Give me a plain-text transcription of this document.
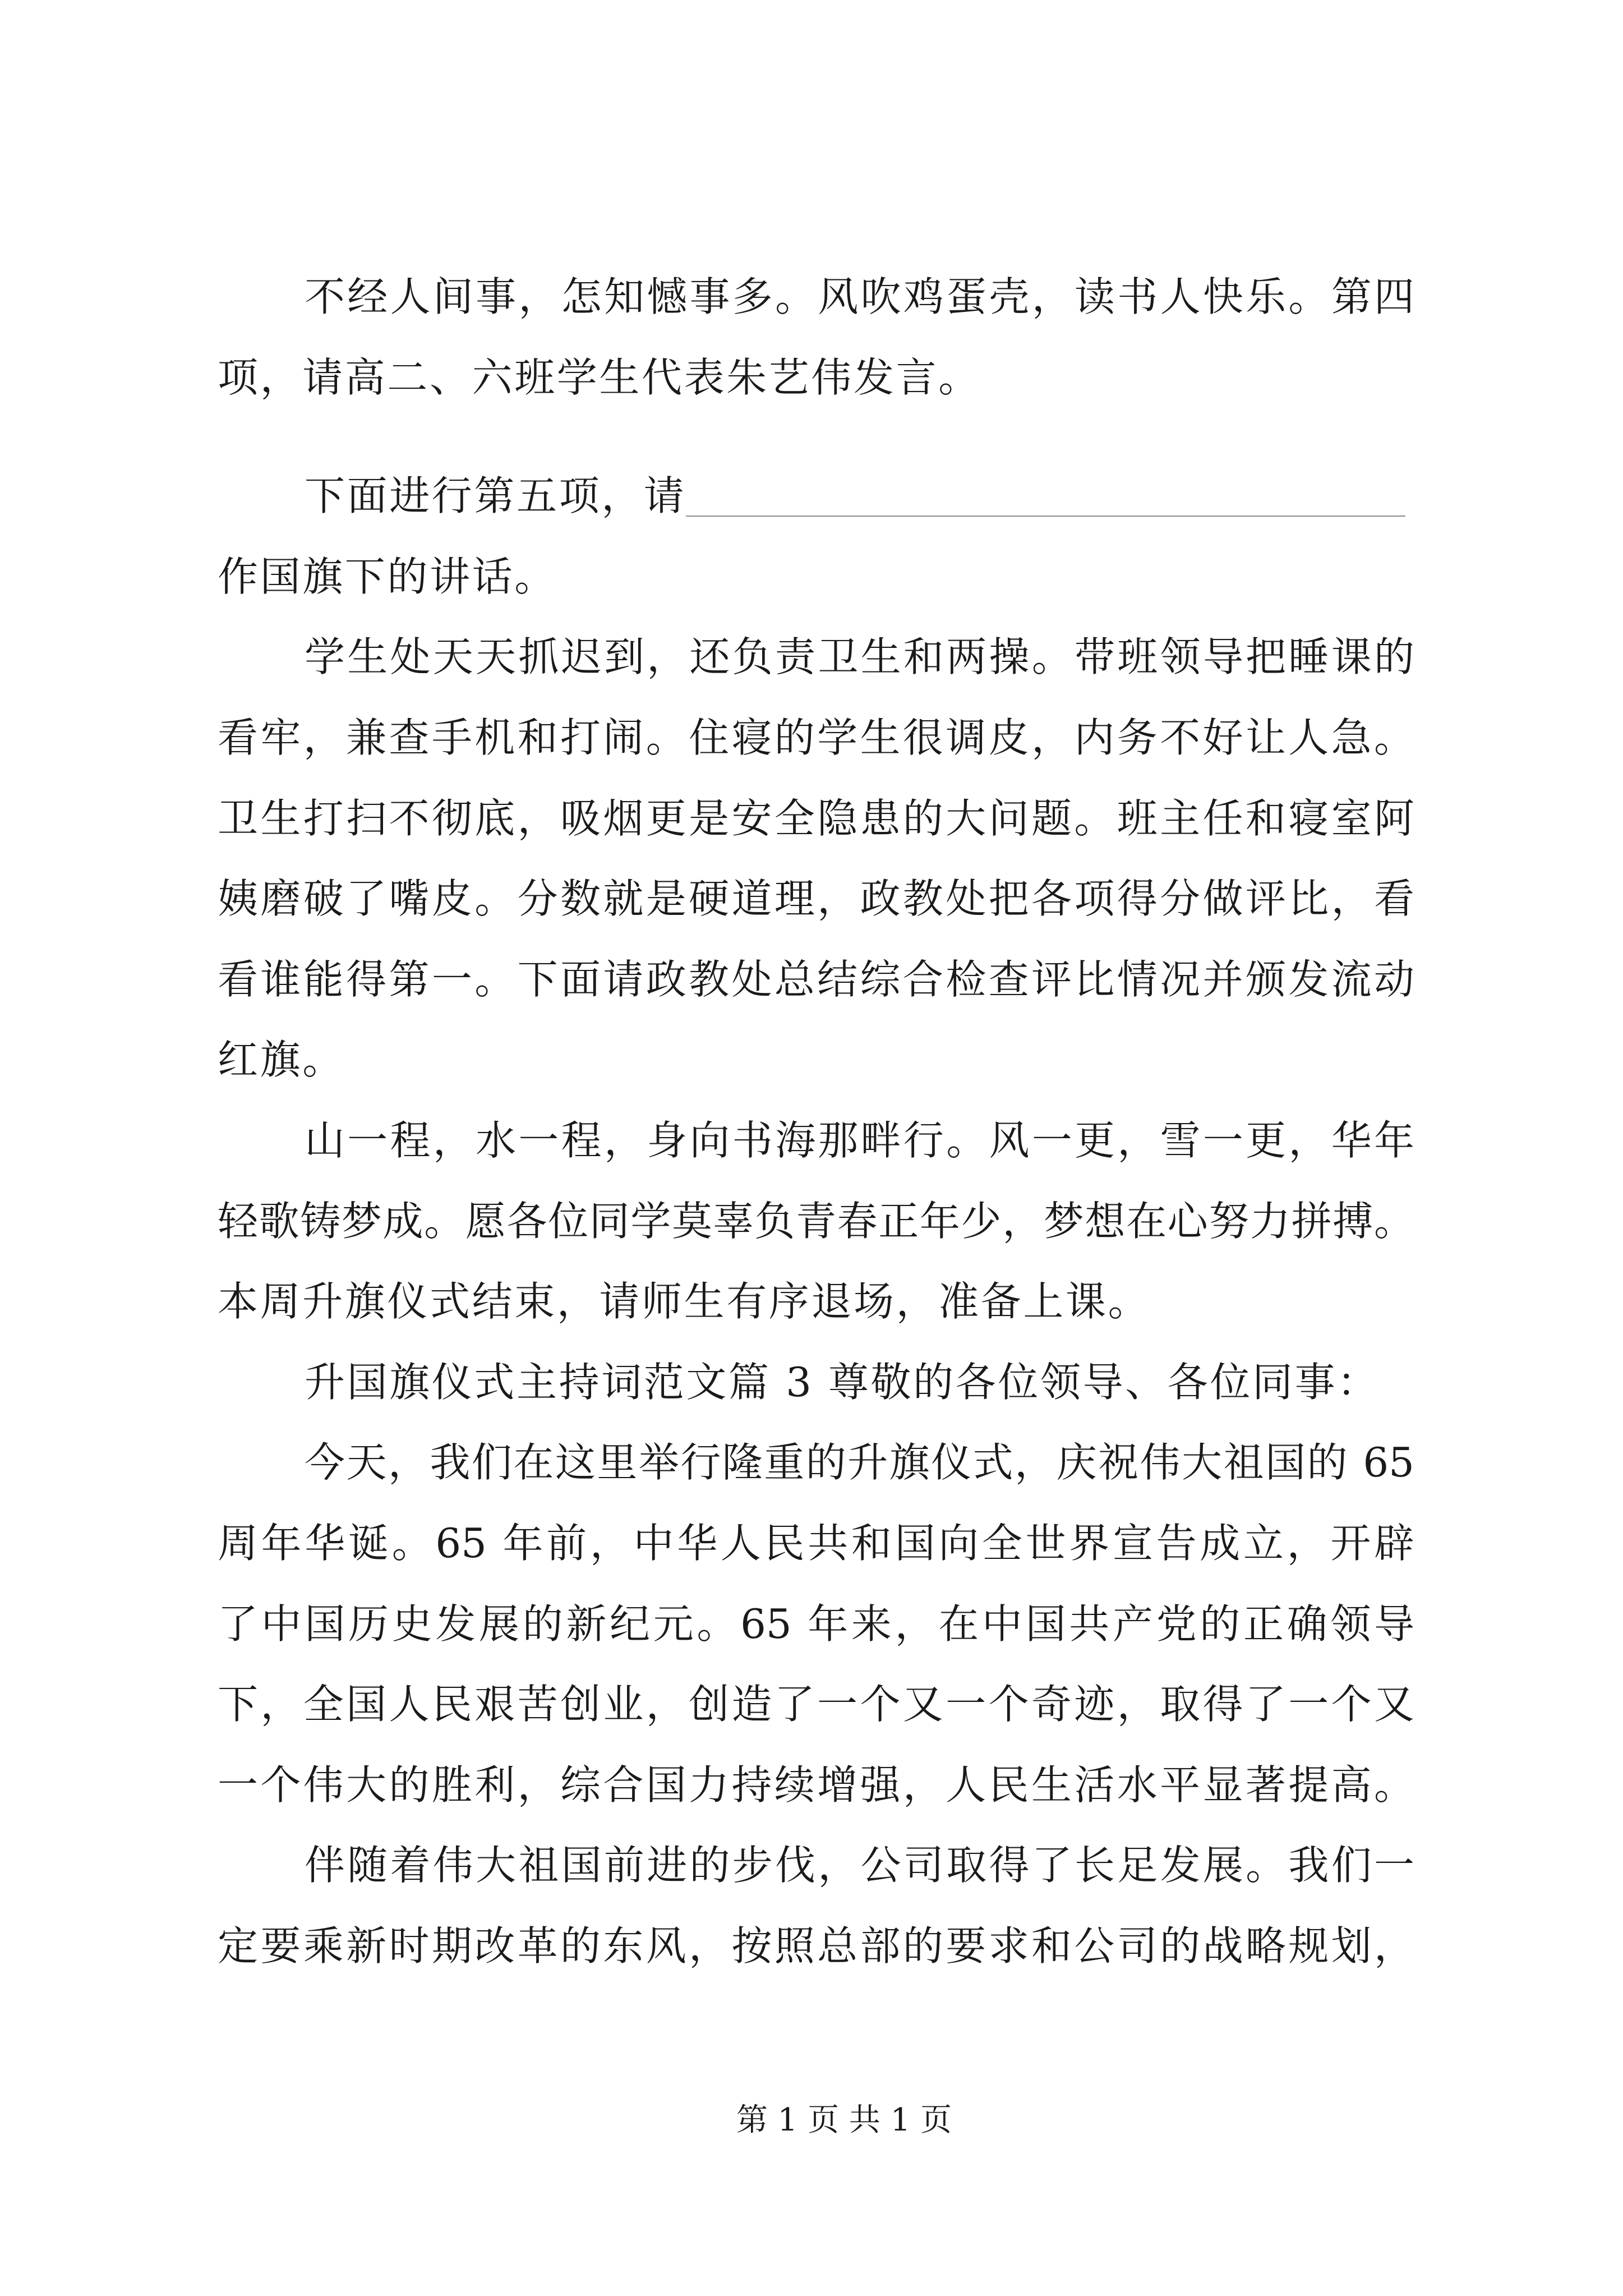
不经人间事，怎知憾事多。风吹鸡蛋壳，读书人快乐。第四
项，请高二、六班学生代表朱艺伟发言。
下面进行第五项，请
作国旗下的讲话。
学生处天天抓迟到，还负责卫生和两操。带班领导把睡课的
看牢，兼查手机和打闹。住寝的学生很调皮，内务不好让人急。
卫生打扫不彻底，吸烟更是安全隐患的大问题。班主任和寝室阿
姨磨破了嘴皮。分数就是硬道理，政教处把各项得分做评比，看
看谁能得第一。下面请政教处总结综合检查评比情况并颁发流动
红旗。
山一程，水一程，身向书海那畔行。风一更，雪一更，华年
轻歌铸梦成。愿各位同学莫辜负青春正年少，梦想在心努力拼搏。
本周升旗仪式结束，请师生有序退场，准备上课。
升国旗仪式主持词范文篇 3 尊敬的各位领导、各位同事：
今天，我们在这里举行隆重的升旗仪式，庆祝伟大祖国的 65
周年华诞。65 年前，中华人民共和国向全世界宣告成立，开辟
了中国历史发展的新纪元。65 年来，在中国共产党的正确领导
下，全国人民艰苦创业，创造了一个又一个奇迹，取得了一个又
一个伟大的胜利，综合国力持续增强，人民生活水平显著提高。
伴随着伟大祖国前进的步伐，公司取得了长足发展。我们一
定要乘新时期改革的东风，按照总部的要求和公司的战略规划，
第 1 页 共 1 页
